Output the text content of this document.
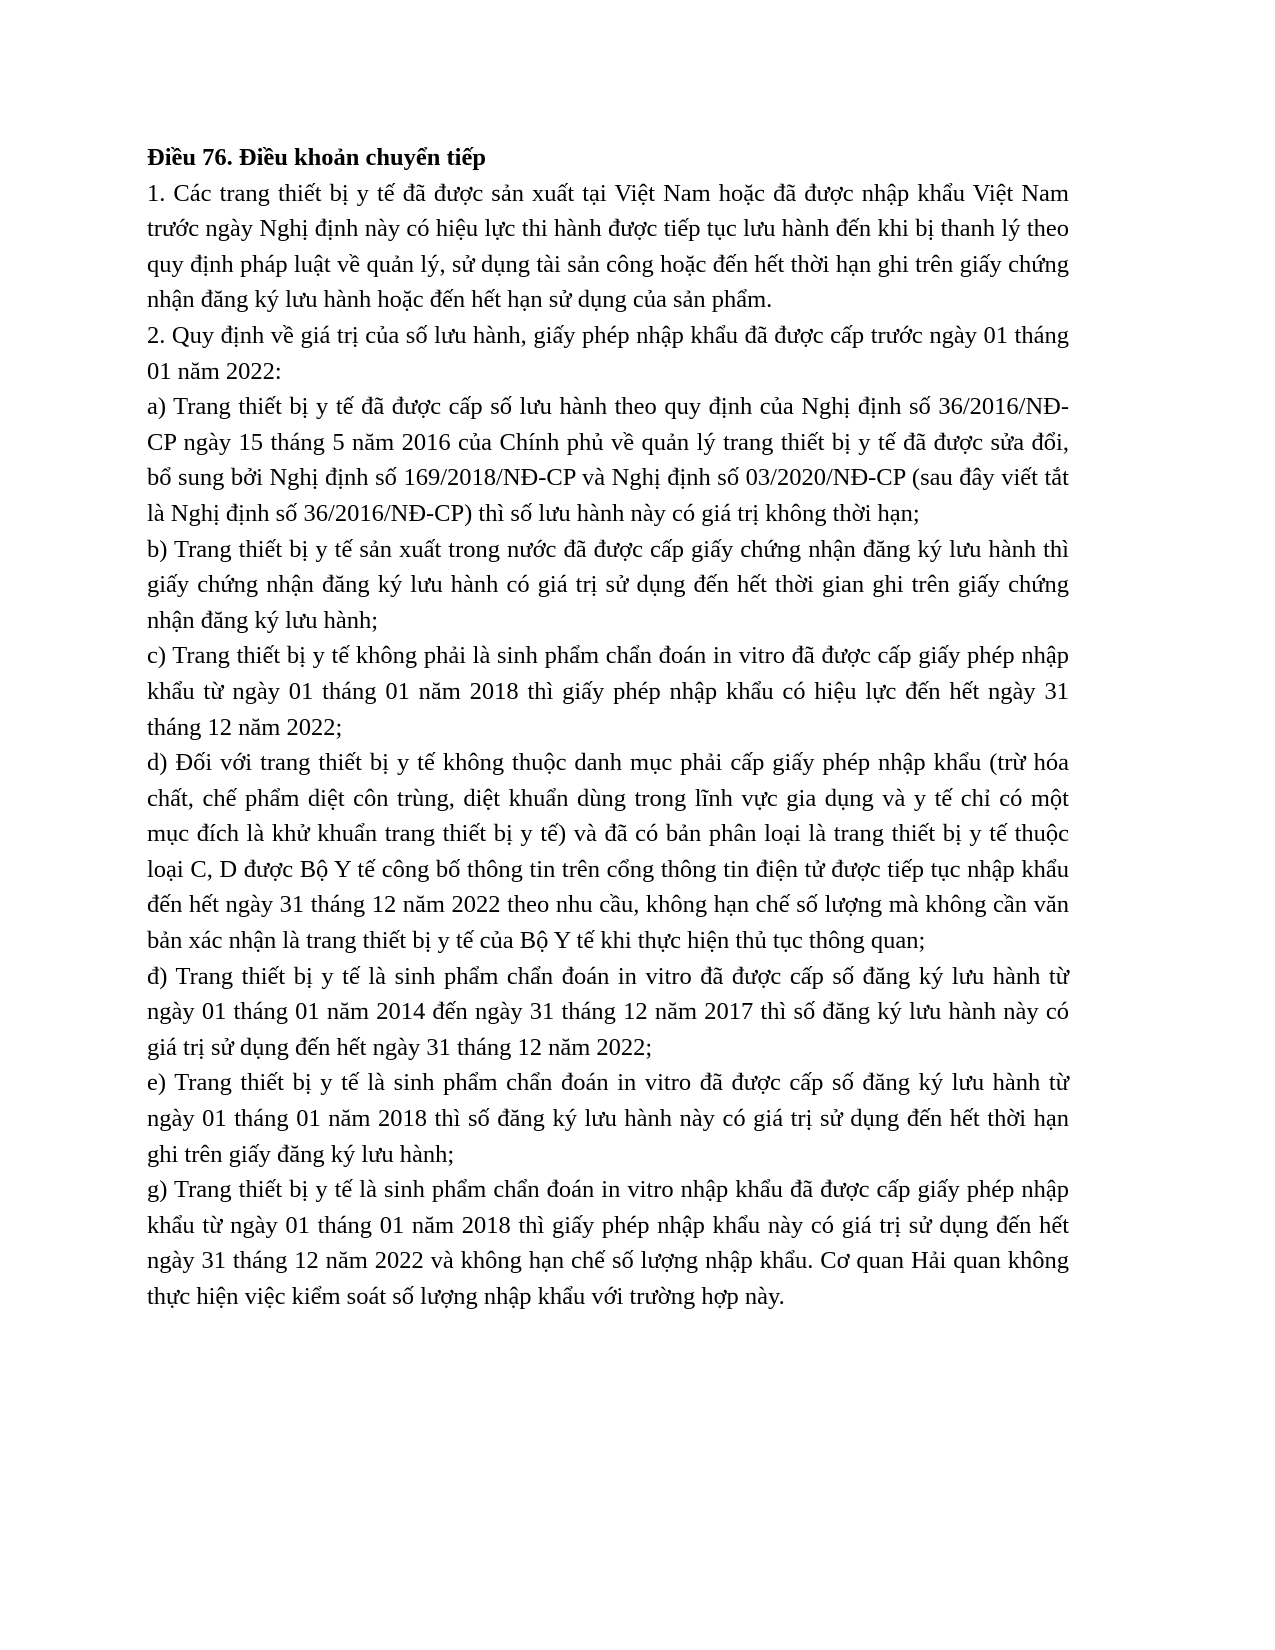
Điều 76. Điều khoản chuyển tiếp

1. Các trang thiết bị y tế đã được sản xuất tại Việt Nam hoặc đã được nhập khẩu Việt Nam trước ngày Nghị định này có hiệu lực thi hành được tiếp tục lưu hành đến khi bị thanh lý theo quy định pháp luật về quản lý, sử dụng tài sản công hoặc đến hết thời hạn ghi trên giấy chứng nhận đăng ký lưu hành hoặc đến hết hạn sử dụng của sản phẩm.

2. Quy định về giá trị của số lưu hành, giấy phép nhập khẩu đã được cấp trước ngày 01 tháng 01 năm 2022:

a) Trang thiết bị y tế đã được cấp số lưu hành theo quy định của Nghị định số 36/2016/NĐ-CP ngày 15 tháng 5 năm 2016 của Chính phủ về quản lý trang thiết bị y tế đã được sửa đổi, bổ sung bởi Nghị định số 169/2018/NĐ-CP và Nghị định số 03/2020/NĐ-CP (sau đây viết tắt là Nghị định số 36/2016/NĐ-CP) thì số lưu hành này có giá trị không thời hạn;

b) Trang thiết bị y tế sản xuất trong nước đã được cấp giấy chứng nhận đăng ký lưu hành thì giấy chứng nhận đăng ký lưu hành có giá trị sử dụng đến hết thời gian ghi trên giấy chứng nhận đăng ký lưu hành;

c) Trang thiết bị y tế không phải là sinh phẩm chẩn đoán in vitro đã được cấp giấy phép nhập khẩu từ ngày 01 tháng 01 năm 2018 thì giấy phép nhập khẩu có hiệu lực đến hết ngày 31 tháng 12 năm 2022;

d) Đối với trang thiết bị y tế không thuộc danh mục phải cấp giấy phép nhập khẩu (trừ hóa chất, chế phẩm diệt côn trùng, diệt khuẩn dùng trong lĩnh vực gia dụng và y tế chỉ có một mục đích là khử khuẩn trang thiết bị y tế) và đã có bản phân loại là trang thiết bị y tế thuộc loại C, D được Bộ Y tế công bố thông tin trên cổng thông tin điện tử được tiếp tục nhập khẩu đến hết ngày 31 tháng 12 năm 2022 theo nhu cầu, không hạn chế số lượng mà không cần văn bản xác nhận là trang thiết bị y tế của Bộ Y tế khi thực hiện thủ tục thông quan;

đ) Trang thiết bị y tế là sinh phẩm chẩn đoán in vitro đã được cấp số đăng ký lưu hành từ ngày 01 tháng 01 năm 2014 đến ngày 31 tháng 12 năm 2017 thì số đăng ký lưu hành này có giá trị sử dụng đến hết ngày 31 tháng 12 năm 2022;

e) Trang thiết bị y tế là sinh phẩm chẩn đoán in vitro đã được cấp số đăng ký lưu hành từ ngày 01 tháng 01 năm 2018 thì số đăng ký lưu hành này có giá trị sử dụng đến hết thời hạn ghi trên giấy đăng ký lưu hành;

g) Trang thiết bị y tế là sinh phẩm chẩn đoán in vitro nhập khẩu đã được cấp giấy phép nhập khẩu từ ngày 01 tháng 01 năm 2018 thì giấy phép nhập khẩu này có giá trị sử dụng đến hết ngày 31 tháng 12 năm 2022 và không hạn chế số lượng nhập khẩu. Cơ quan Hải quan không thực hiện việc kiểm soát số lượng nhập khẩu với trường hợp này.
